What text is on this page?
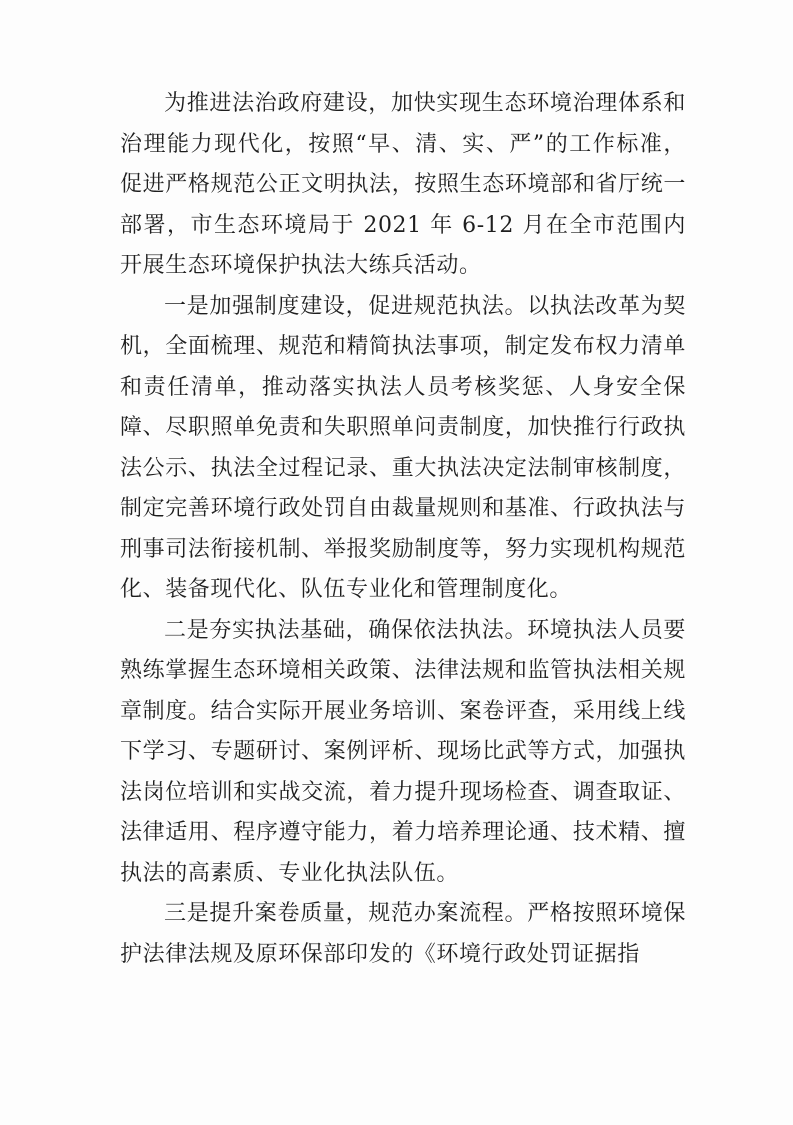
为推进法治政府建设，加快实现生态环境治理体系和治理能力现代化，按照“早、清、实、严”的工作标准，促进严格规范公正文明执法，按照生态环境部和省厅统一部署，市生态环境局于 2021 年 6-12 月在全市范围内开展生态环境保护执法大练兵活动。

一是加强制度建设，促进规范执法。以执法改革为契机，全面梳理、规范和精简执法事项，制定发布权力清单和责任清单，推动落实执法人员考核奖惩、人身安全保障、尽职照单免责和失职照单问责制度，加快推行行政执法公示、执法全过程记录、重大执法决定法制审核制度，制定完善环境行政处罚自由裁量规则和基准、行政执法与刑事司法衔接机制、举报奖励制度等，努力实现机构规范化、装备现代化、队伍专业化和管理制度化。

二是夯实执法基础，确保依法执法。环境执法人员要熟练掌握生态环境相关政策、法律法规和监管执法相关规章制度。结合实际开展业务培训、案卷评查，采用线上线下学习、专题研讨、案例评析、现场比武等方式，加强执法岗位培训和实战交流，着力提升现场检查、调查取证、法律适用、程序遵守能力，着力培养理论通、技术精、擅执法的高素质、专业化执法队伍。

三是提升案卷质量，规范办案流程。严格按照环境保护法律法规及原环保部印发的《环境行政处罚证据指
